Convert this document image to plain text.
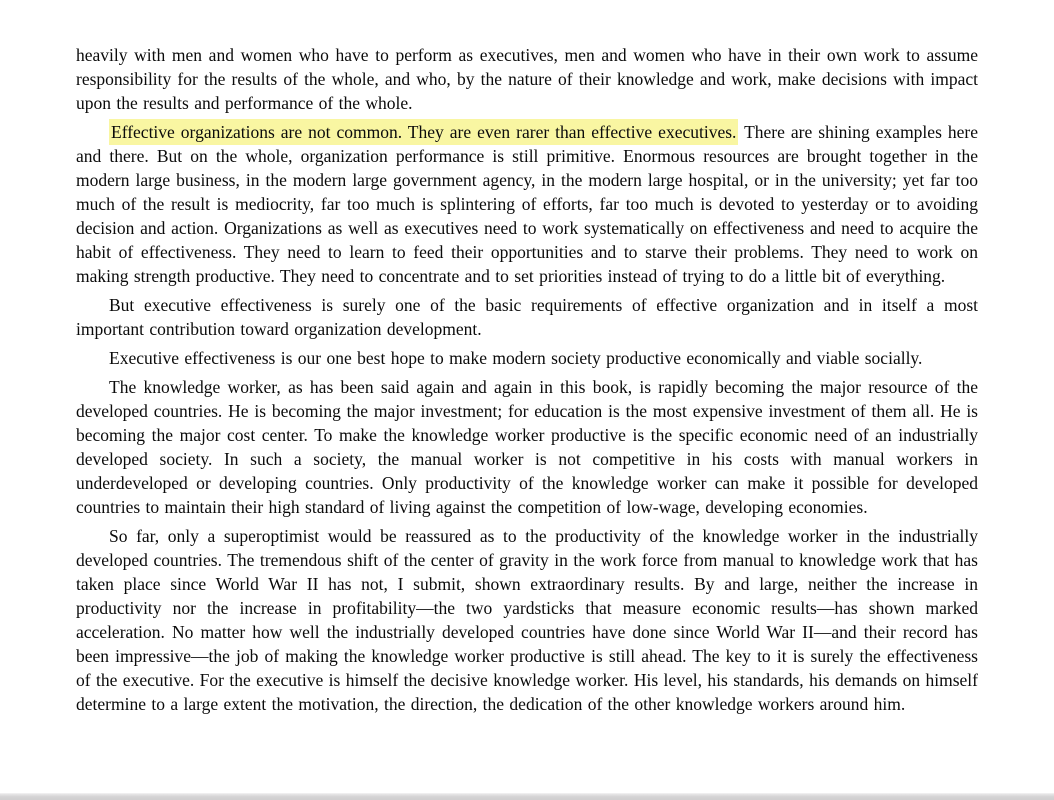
heavily with men and women who have to perform as executives, men and women who have in their own work to assume responsibility for the results of the whole, and who, by the nature of their knowledge and work, make decisions with impact upon the results and performance of the whole.

Effective organizations are not common. They are even rarer than effective executives. There are shining examples here and there. But on the whole, organization performance is still primitive. Enormous resources are brought together in the modern large business, in the modern large government agency, in the modern large hospital, or in the university; yet far too much of the result is mediocrity, far too much is splintering of efforts, far too much is devoted to yesterday or to avoiding decision and action. Organizations as well as executives need to work systematically on effectiveness and need to acquire the habit of effectiveness. They need to learn to feed their opportunities and to starve their problems. They need to work on making strength productive. They need to concentrate and to set priorities instead of trying to do a little bit of everything.

But executive effectiveness is surely one of the basic requirements of effective organization and in itself a most important contribution toward organization development.

Executive effectiveness is our one best hope to make modern society productive economically and viable socially.

The knowledge worker, as has been said again and again in this book, is rapidly becoming the major resource of the developed countries. He is becoming the major investment; for education is the most expensive investment of them all. He is becoming the major cost center. To make the knowledge worker productive is the specific economic need of an industrially developed society. In such a society, the manual worker is not competitive in his costs with manual workers in underdeveloped or developing countries. Only productivity of the knowledge worker can make it possible for developed countries to maintain their high standard of living against the competition of low-wage, developing economies.

So far, only a superoptimist would be reassured as to the productivity of the knowledge worker in the industrially developed countries. The tremendous shift of the center of gravity in the work force from manual to knowledge work that has taken place since World War II has not, I submit, shown extraordinary results. By and large, neither the increase in productivity nor the increase in profitability—the two yardsticks that measure economic results—has shown marked acceleration. No matter how well the industrially developed countries have done since World War II—and their record has been impressive—the job of making the knowledge worker productive is still ahead. The key to it is surely the effectiveness of the executive. For the executive is himself the decisive knowledge worker. His level, his standards, his demands on himself determine to a large extent the motivation, the direction, the dedication of the other knowledge workers around him.
